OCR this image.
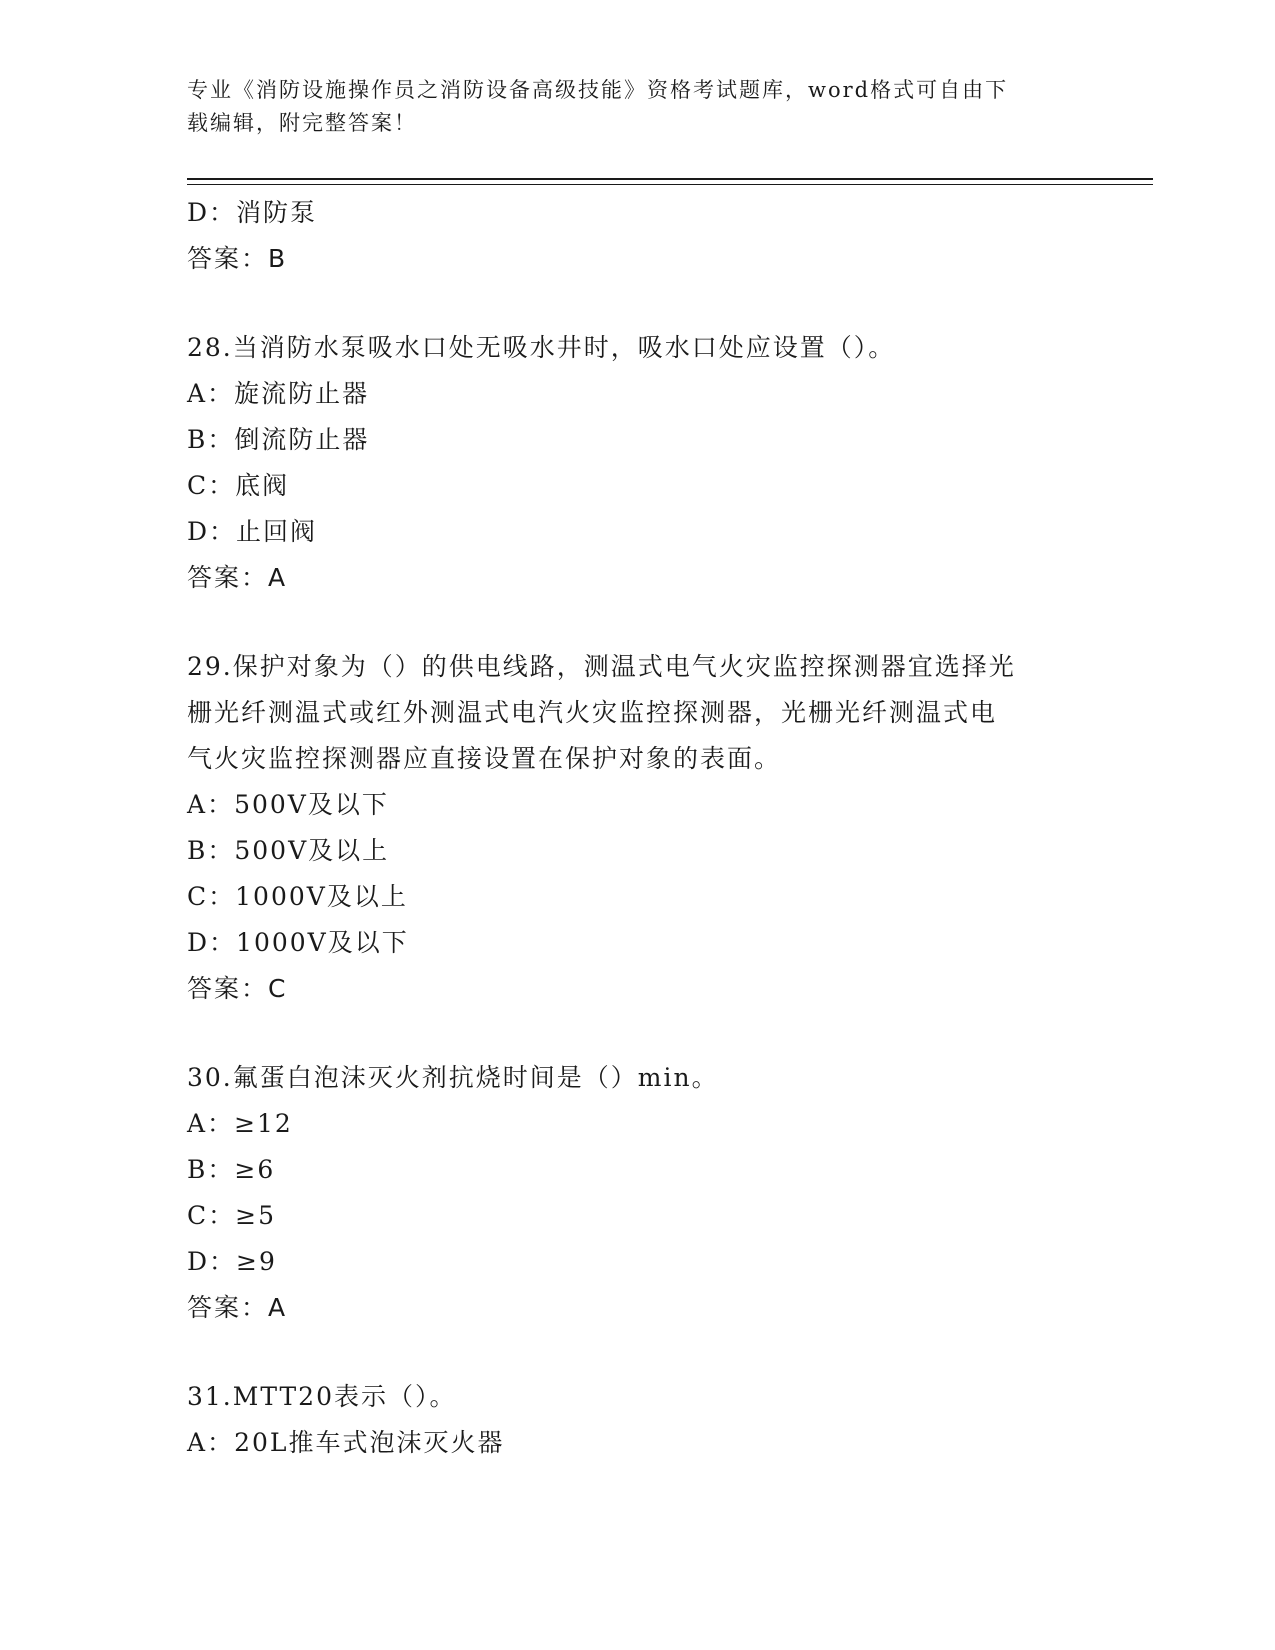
专业《消防设施操作员之消防设备高级技能》资格考试题库，word格式可自由下
载编辑，附完整答案！
D：消防泵
答案：B
28.当消防水泵吸水口处无吸水井时，吸水口处应设置（）。
A：旋流防止器
B：倒流防止器
C：底阀
D：止回阀
答案：A
29.保护对象为（）的供电线路，测温式电气火灾监控探测器宜选择光
栅光纤测温式或红外测温式电汽火灾监控探测器，光栅光纤测温式电
气火灾监控探测器应直接设置在保护对象的表面。
A：500V及以下
B：500V及以上
C：1000V及以上
D：1000V及以下
答案：C
30.氟蛋白泡沫灭火剂抗烧时间是（）min。
A：≥12
B：≥6
C：≥5
D：≥9
答案：A
31.MTT20表示（）。
A：20L推车式泡沫灭火器
